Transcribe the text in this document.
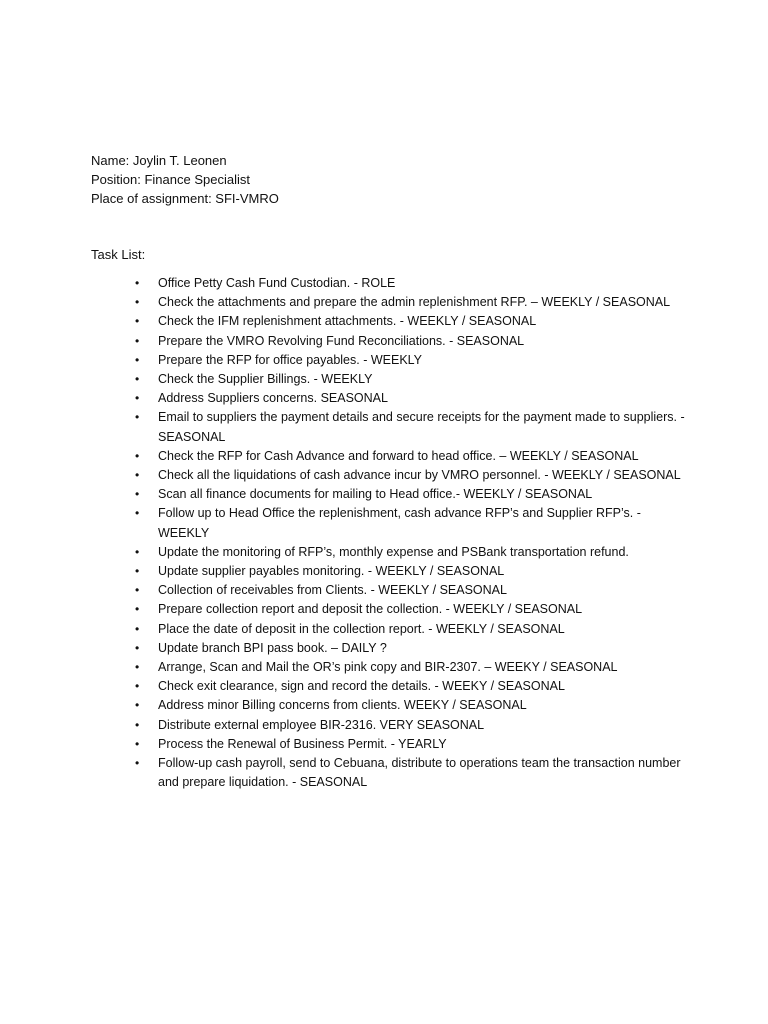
Name: Joylin T. Leonen
Position: Finance Specialist
Place of assignment: SFI-VMRO
Task List:
• Office Petty Cash Fund Custodian. - ROLE
• Check the attachments and prepare the admin replenishment RFP. – WEEKLY / SEASONAL
• Check the IFM replenishment attachments. - WEEKLY / SEASONAL
• Prepare the VMRO Revolving Fund Reconciliations. - SEASONAL
• Prepare the RFP for office payables. - WEEKLY
• Check the Supplier Billings. - WEEKLY
• Address Suppliers concerns. SEASONAL
• Email to suppliers the payment details and secure receipts for the payment made to suppliers. - SEASONAL
• Check the RFP for Cash Advance and forward to head office. – WEEKLY / SEASONAL
• Check all the liquidations of cash advance incur by VMRO personnel. - WEEKLY / SEASONAL
• Scan all finance documents for mailing to Head office.- WEEKLY / SEASONAL
• Follow up to Head Office the replenishment, cash advance RFP’s and Supplier RFP’s. - WEEKLY
• Update the monitoring of RFP’s, monthly expense and PSBank transportation refund.
• Update supplier payables monitoring. - WEEKLY / SEASONAL
• Collection of receivables from Clients. - WEEKLY / SEASONAL
• Prepare collection report and deposit the collection. - WEEKLY / SEASONAL
• Place the date of deposit in the collection report. - WEEKLY / SEASONAL
• Update branch BPI pass book. – DAILY ?
• Arrange, Scan and Mail the OR’s pink copy and BIR-2307. – WEEKY / SEASONAL
• Check exit clearance, sign and record the details. - WEEKY / SEASONAL
• Address minor Billing concerns from clients. WEEKY / SEASONAL
• Distribute external employee BIR-2316. VERY SEASONAL
• Process the Renewal of Business Permit. - YEARLY
• Follow-up cash payroll, send to Cebuana, distribute to operations team the transaction number and prepare liquidation. - SEASONAL
